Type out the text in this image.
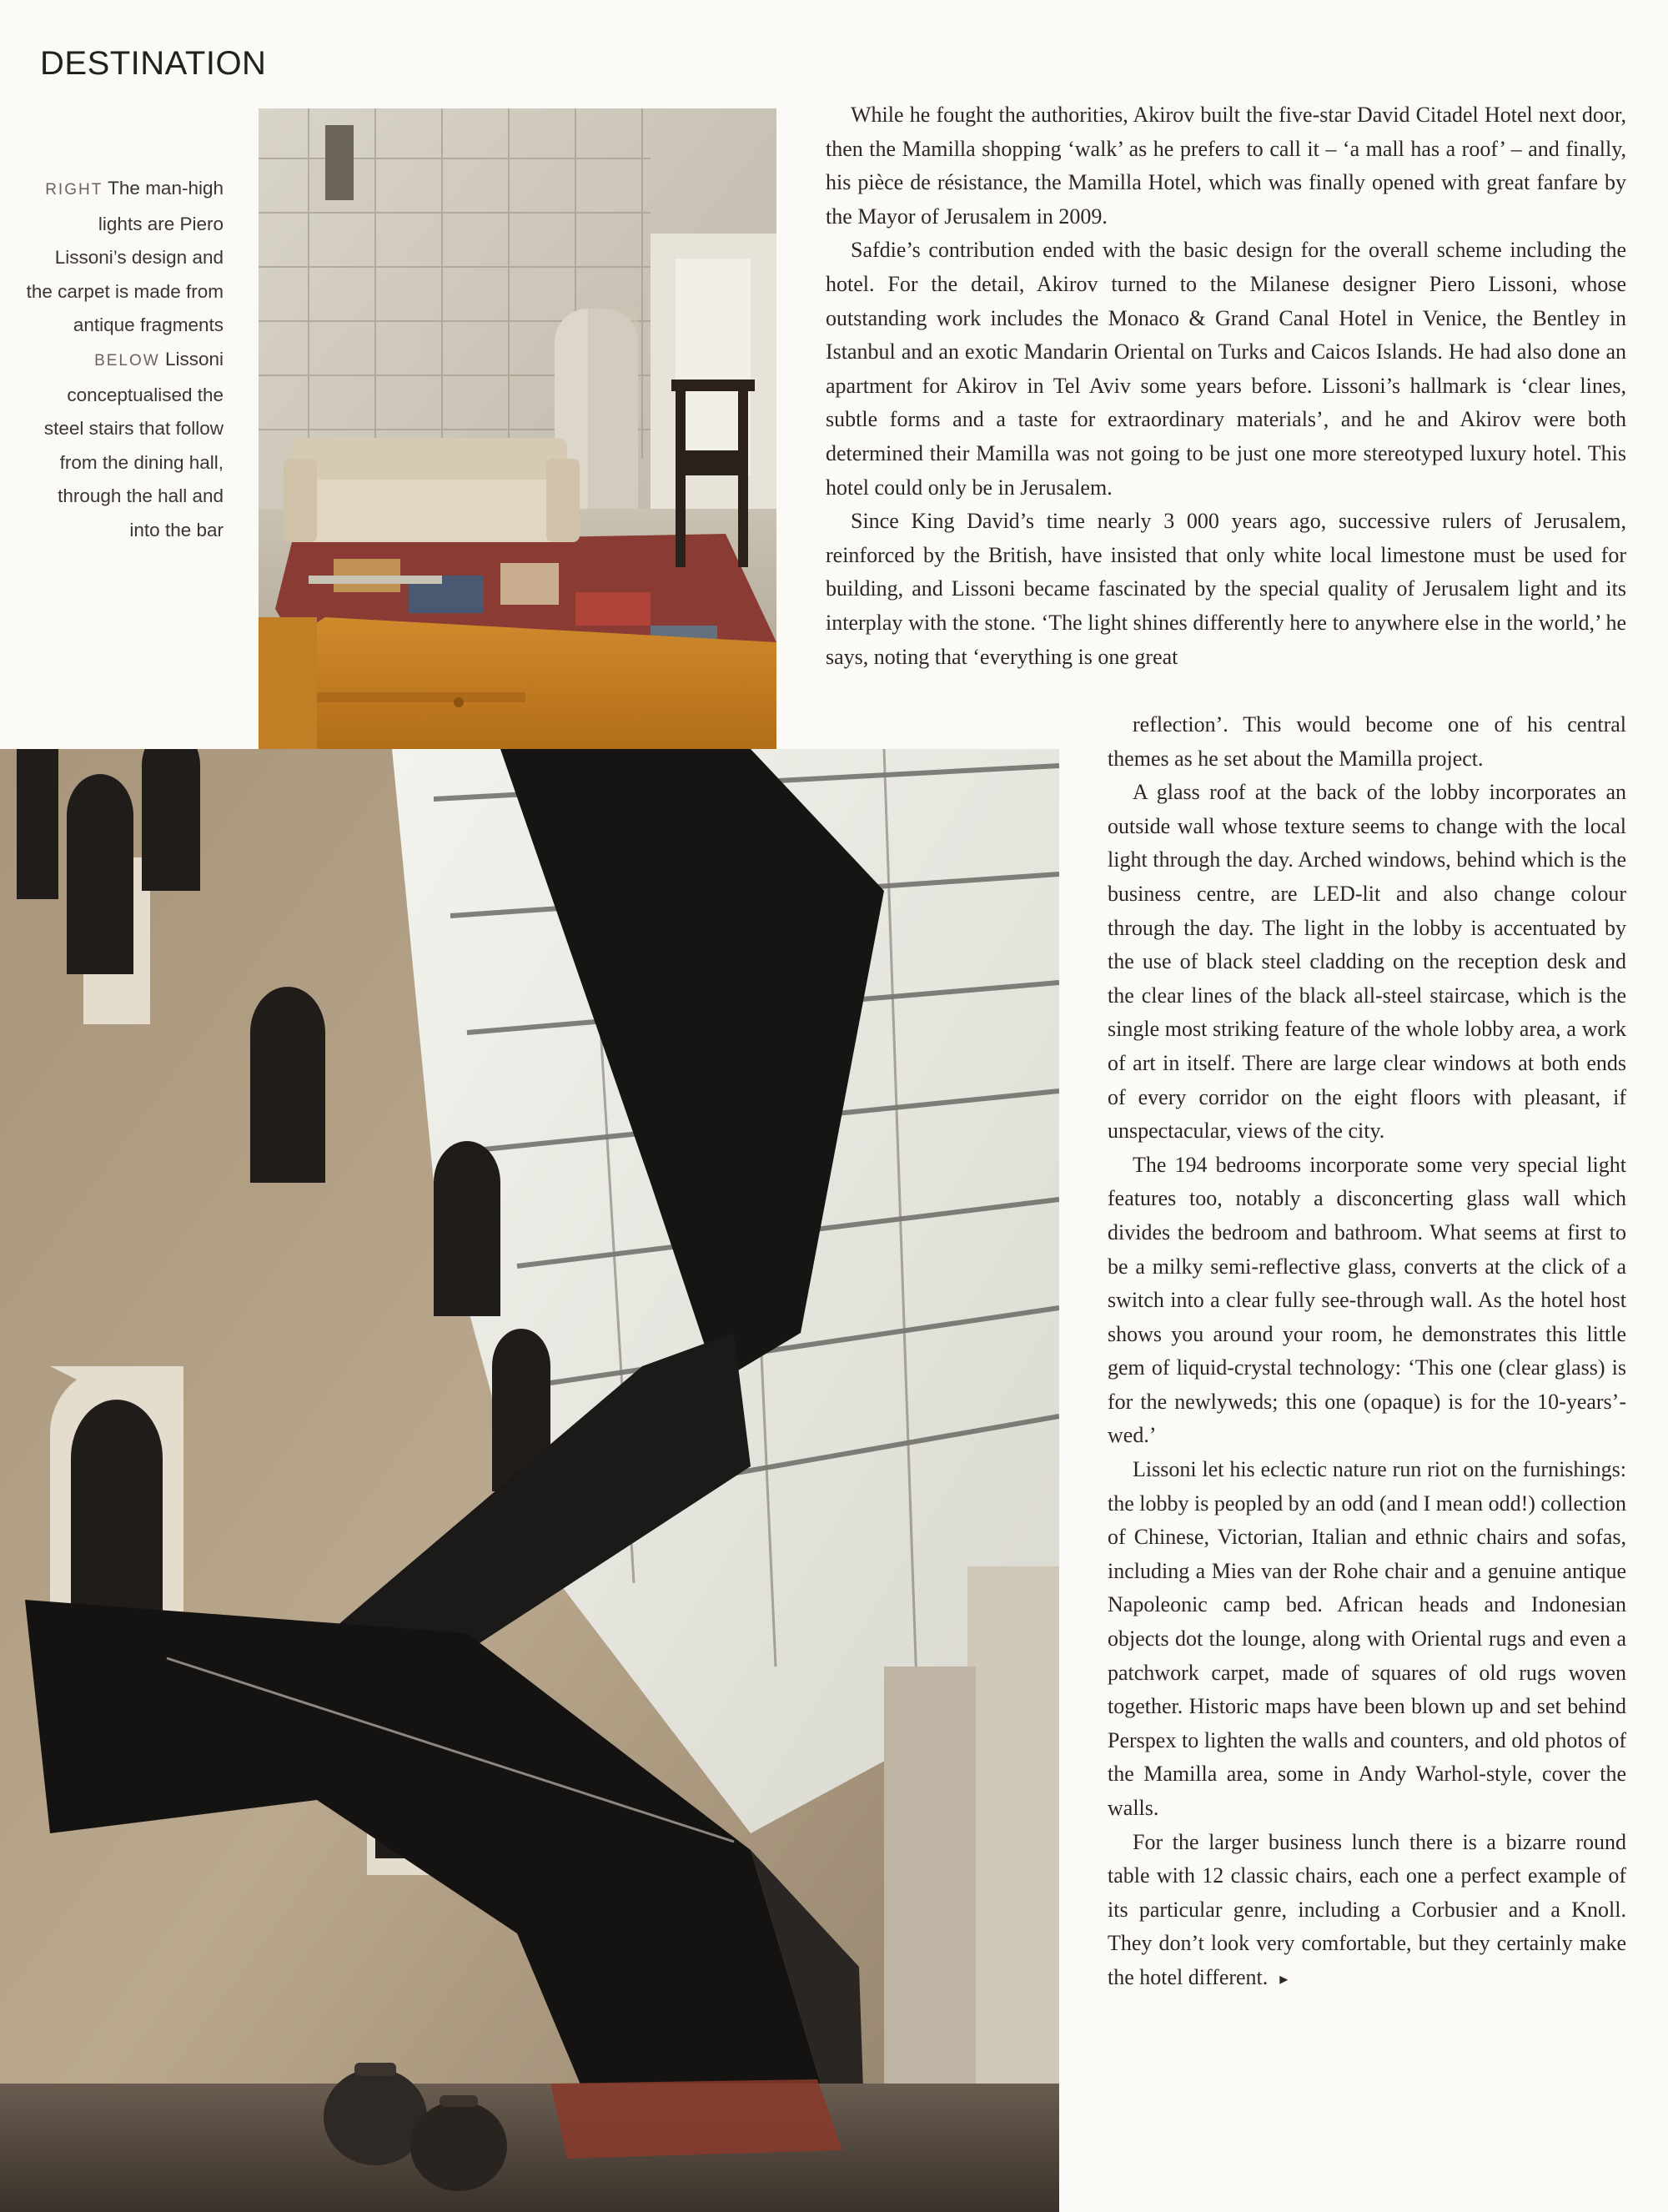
DESTINATION
RIGHT The man-high lights are Piero Lissoni’s design and the carpet is made from antique fragments BELOW Lissoni conceptualised the steel stairs that follow from the dining hall, through the hall and into the bar

While he fought the authorities, Akirov built the five-star David Citadel Hotel next door, then the Mamilla shopping ‘walk’ as he prefers to call it – ‘a mall has a roof’ – and finally, his pièce de résistance, the Mamilla Hotel, which was finally opened with great fanfare by the Mayor of Jerusalem in 2009.

Safdie’s contribution ended with the basic design for the overall scheme including the hotel. For the detail, Akirov turned to the Milanese designer Piero Lissoni, whose outstanding work includes the Monaco & Grand Canal Hotel in Venice, the Bentley in Istanbul and an exotic Mandarin Oriental on Turks and Caicos Islands. He had also done an apartment for Akirov in Tel Aviv some years before. Lissoni’s hallmark is ‘clear lines, subtle forms and a taste for extraordinary materials’, and he and Akirov were both determined their Mamilla was not going to be just one more stereotyped luxury hotel. This hotel could only be in Jerusalem.

Since King David’s time nearly 3 000 years ago, successive rulers of Jerusalem, reinforced by the British, have insisted that only white local limestone must be used for building, and Lissoni became fascinated by the special quality of Jerusalem light and its interplay with the stone. ‘The light shines differently here to anywhere else in the world,’ he says, noting that ‘everything is one great

reflection’. This would become one of his central themes as he set about the Mamilla project.

A glass roof at the back of the lobby incorporates an outside wall whose texture seems to change with the local light through the day. Arched windows, behind which is the business centre, are LED-lit and also change colour through the day. The light in the lobby is accentuated by the use of black steel cladding on the reception desk and the clear lines of the black all-steel staircase, which is the single most striking feature of the whole lobby area, a work of art in itself. There are large clear windows at both ends of every corridor on the eight floors with pleasant, if unspectacular, views of the city.

The 194 bedrooms incorporate some very special light features too, notably a disconcerting glass wall which divides the bedroom and bathroom. What seems at first to be a milky semi-reflective glass, converts at the click of a switch into a clear fully see-through wall. As the hotel host shows you around your room, he demonstrates this little gem of liquid-crystal technology: ‘This one (clear glass) is for the newlyweds; this one (opaque) is for the 10-years’-wed.’

Lissoni let his eclectic nature run riot on the furnishings: the lobby is peopled by an odd (and I mean odd!) collection of Chinese, Victorian, Italian and ethnic chairs and sofas, including a Mies van der Rohe chair and a genuine antique Napoleonic camp bed. African heads and Indonesian objects dot the lounge, along with Oriental rugs and even a patchwork carpet, made of squares of old rugs woven together. Historic maps have been blown up and set behind Perspex to lighten the walls and counters, and old photos of the Mamilla area, some in Andy Warhol-style, cover the walls.

For the larger business lunch there is a bizarre round table with 12 classic chairs, each one a perfect example of its particular genre, including a Corbusier and a Knoll. They don’t look very comfortable, but they certainly make the hotel different. ▸
